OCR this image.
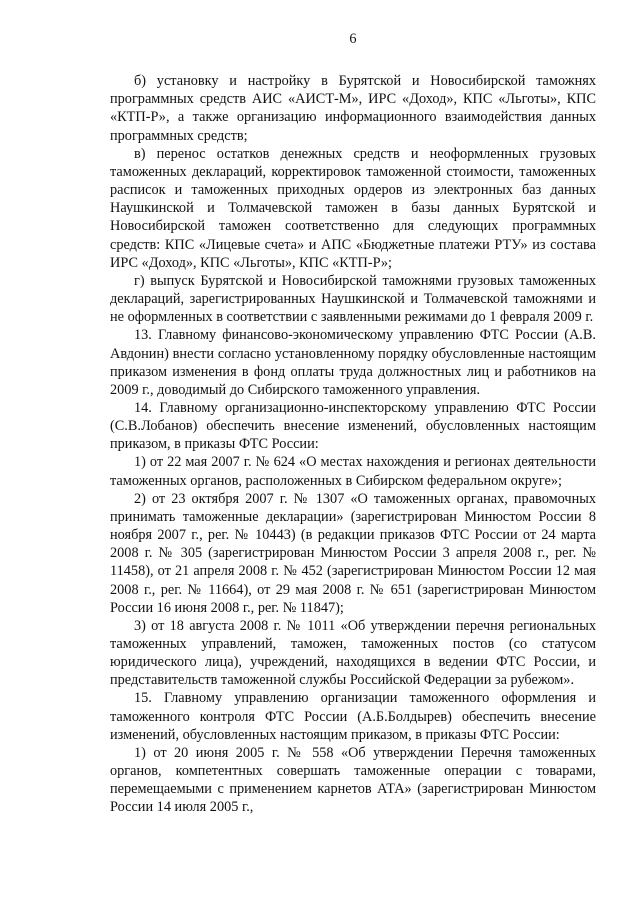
6

б) установку и настройку в Бурятской и Новосибирской таможнях программных средств АИС «АИСТ-М», ИРС «Доход», КПС «Льготы», КПС «КТП-Р», а также организацию информационного взаимодействия данных программных средств;

в) перенос остатков денежных средств и неоформленных грузовых таможенных деклараций, корректировок таможенной стоимости, таможенных расписок и таможенных приходных ордеров из электронных баз данных Наушкинской и Толмачевской таможен в базы данных Бурятской и Новосибирской таможен соответственно для следующих программных средств: КПС «Лицевые счета» и АПС «Бюджетные платежи РТУ» из состава ИРС «Доход», КПС «Льготы», КПС «КТП-Р»;

г) выпуск Бурятской и Новосибирской таможнями грузовых таможенных деклараций, зарегистрированных Наушкинской и Толмачевской таможнями и не оформленных в соответствии с заявленными режимами до 1 февраля 2009 г.

13. Главному финансово-экономическому управлению ФТС России (А.В. Авдонин) внести согласно установленному порядку обусловленные настоящим приказом изменения в фонд оплаты труда должностных лиц и работников на 2009 г., доводимый до Сибирского таможенного управления.

14. Главному организационно-инспекторскому управлению ФТС России (С.В.Лобанов) обеспечить внесение изменений, обусловленных настоящим приказом, в приказы ФТС России:

1) от 22 мая 2007 г. № 624 «О местах нахождения и регионах деятельности таможенных органов, расположенных в Сибирском федеральном округе»;

2) от 23 октября 2007 г. № 1307 «О таможенных органах, правомочных принимать таможенные декларации» (зарегистрирован Минюстом России 8 ноября 2007 г., рег. № 10443) (в редакции приказов ФТС России от 24 марта 2008 г. № 305 (зарегистрирован Минюстом России 3 апреля 2008 г., рег. № 11458), от 21 апреля 2008 г. № 452 (зарегистрирован Минюстом России 12 мая 2008 г., рег. № 11664), от 29 мая 2008 г. № 651 (зарегистрирован Минюстом России 16 июня 2008 г., рег. № 11847);

3) от 18 августа 2008 г. № 1011 «Об утверждении перечня региональных таможенных управлений, таможен, таможенных постов (со статусом юридического лица), учреждений, находящихся в ведении ФТС России, и представительств таможенной службы Российской Федерации за рубежом».

15. Главному управлению организации таможенного оформления и таможенного контроля ФТС России (А.Б.Болдырев) обеспечить внесение изменений, обусловленных настоящим приказом, в приказы ФТС России:

1) от 20 июня 2005 г. № 558 «Об утверждении Перечня таможенных органов, компетентных совершать таможенные операции с товарами, перемещаемыми с применением карнетов АТА» (зарегистрирован Минюстом России 14 июля 2005 г.,
